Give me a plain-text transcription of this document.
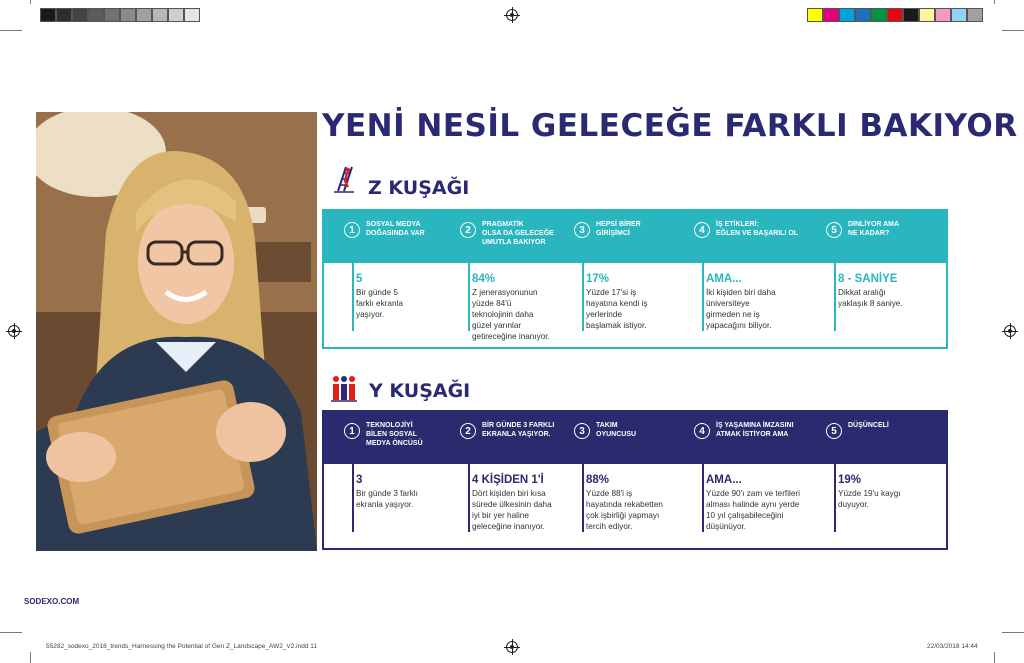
YENİ NESİL GELECEĞE FARKLI BAKIYOR
Z KUŞAĞI
1
SOSYAL MEDYA
DOĞASINDA VAR
5
Bir günde 5
farklı ekranla
yaşıyor.
2
PRAGMATİK
OLSA DA GELECEĞE
UMUTLA BAKIYOR
84%
Z jenerasyonunun
yüzde 84'ü
teknolojinin daha
güzel yarınlar
getireceğine inanıyor.
3
HEPSİ BİRER
GİRİŞİMCİ
17%
Yüzde 17'si iş
hayatına kendi iş
yerlerinde
başlamak istiyor.
4
İŞ ETİKLERİ:
EĞLEN VE BAŞARILI OL
AMA...
İki kişiden biri daha
üniversiteye
girmeden ne iş
yapacağını biliyor.
5
DİNLİYOR AMA
NE KADAR?
8 - SANİYE
Dikkat aralığı
yaklaşık 8 saniye.
Y KUŞAĞI
1
TEKNOLOJİYİ
BİLEN SOSYAL
MEDYA ÖNCÜSÜ
3
Bir günde 3 farklı
ekranla yaşıyor.
2
BİR GÜNDE 3 FARKLI
EKRANLA YAŞIYOR.
4 KİŞİDEN 1'İ
Dört kişiden biri kısa
sürede ülkesinin daha
iyi bir yer haline
geleceğine inanıyor.
3
TAKIM
OYUNCUSU
88%
Yüzde 88'i iş
hayatında rekabetten
çok işbirliği yapmayı
tercih ediyor.
4
İŞ YAŞAMINA İMZASINI
ATMAK İSTİYOR AMA
AMA...
Yüzde 90'ı zam ve terfileri
alması halinde aynı yerde
10 yıl çalışabileceğini
düşünüyor.
5
DÜŞÜNCELİ
19%
Yüzde 19'u kaygı
duyuyor.
SODEXO.COM
55282_sodexo_2018_trends_Harnessing the Potential of Gen Z_Landscape_AW2_V2.indd 11	22/03/2018 14:44
